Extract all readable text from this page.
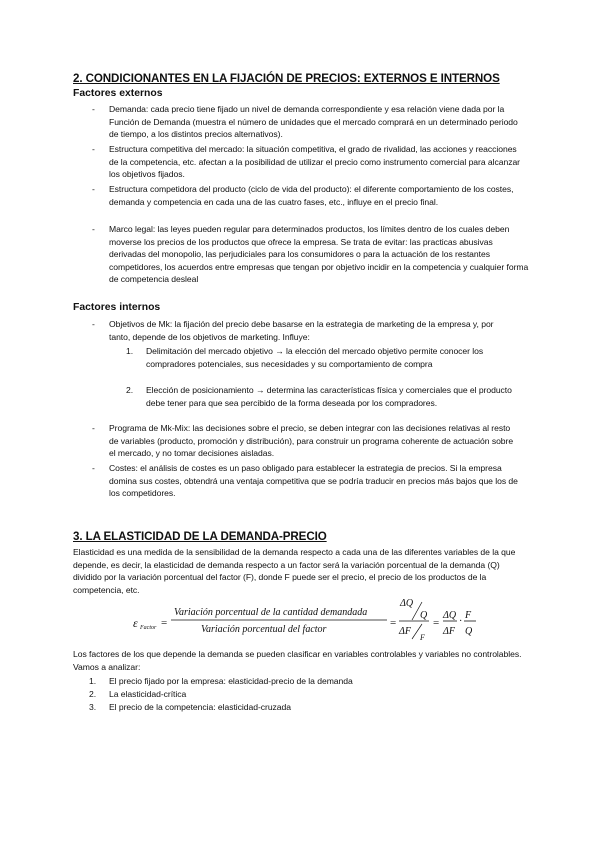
2. CONDICIONANTES EN LA FIJACIÓN DE PRECIOS: EXTERNOS E INTERNOS
Factores externos
- Demanda: cada precio tiene fijado un nivel de demanda correspondiente y esa relación viene dada por la Función de Demanda (muestra el número de unidades que el mercado comprará en un determinado periodo de tiempo, a los distintos precios alternativos).
- Estructura competitiva del mercado: la situación competitiva, el grado de rivalidad, las acciones y reacciones de la competencia, etc. afectan a la posibilidad de utilizar el precio como instrumento comercial para alcanzar los objetivos fijados.
- Estructura competidora del producto (ciclo de vida del producto): el diferente comportamiento de los costes, demanda y competencia en cada una de las cuatro fases, etc., influye en el precio final.
- Marco legal: las leyes pueden regular para determinados productos, los límites dentro de los cuales deben moverse los precios de los productos que ofrece la empresa. Se trata de evitar: las practicas abusivas derivadas del monopolio, las perjudiciales para los consumidores o para la actuación de los restantes competidores, los acuerdos entre empresas que tengan por objetivo incidir en la competencia y cualquier forma de competencia desleal
Factores internos
- Objetivos de Mk: la fijación del precio debe basarse en la estrategia de marketing de la empresa y, por tanto, depende de los objetivos de marketing. Influye:
1. Delimitación del mercado objetivo → la elección del mercado objetivo permite conocer los compradores potenciales, sus necesidades y su comportamiento de compra
2. Elección de posicionamiento → determina las características física y comerciales que el producto debe tener para que sea percibido de la forma deseada por los compradores.
- Programa de Mk-Mix: las decisiones sobre el precio, se deben integrar con las decisiones relativas al resto de variables (producto, promoción y distribución), para construir un programa coherente de actuación sobre el mercado, y no tomar decisiones aisladas.
- Costes: el análisis de costes es un paso obligado para establecer la estrategia de precios. Si la empresa domina sus costes, obtendrá una ventaja competitiva que se podría traducir en precios más bajos que los de los competidores.
3. LA ELASTICIDAD DE LA DEMANDA-PRECIO
Elasticidad es una medida de la sensibilidad de la demanda respecto a cada una de las diferentes variables de la que depende, es decir, la elasticidad de demanda respecto a un factor será la variación porcentual de la demanda (Q) dividido por la variación porcentual del factor (F), donde F puede ser el precio, el precio de los productos de la competencia, etc.
ε Factor =
Variación porcentual de la cantidad demandada
Variación porcentual del factor
=
ΔQ
Q
ΔF
F
=
ΔQ
ΔF
·
F
Q
Los factores de los que depende la demanda se pueden clasificar en variables controlables y variables no controlables. Vamos a analizar:
1. El precio fijado por la empresa: elasticidad-precio de la demanda
2. La elasticidad-crítica
3. El precio de la competencia: elasticidad-cruzada
